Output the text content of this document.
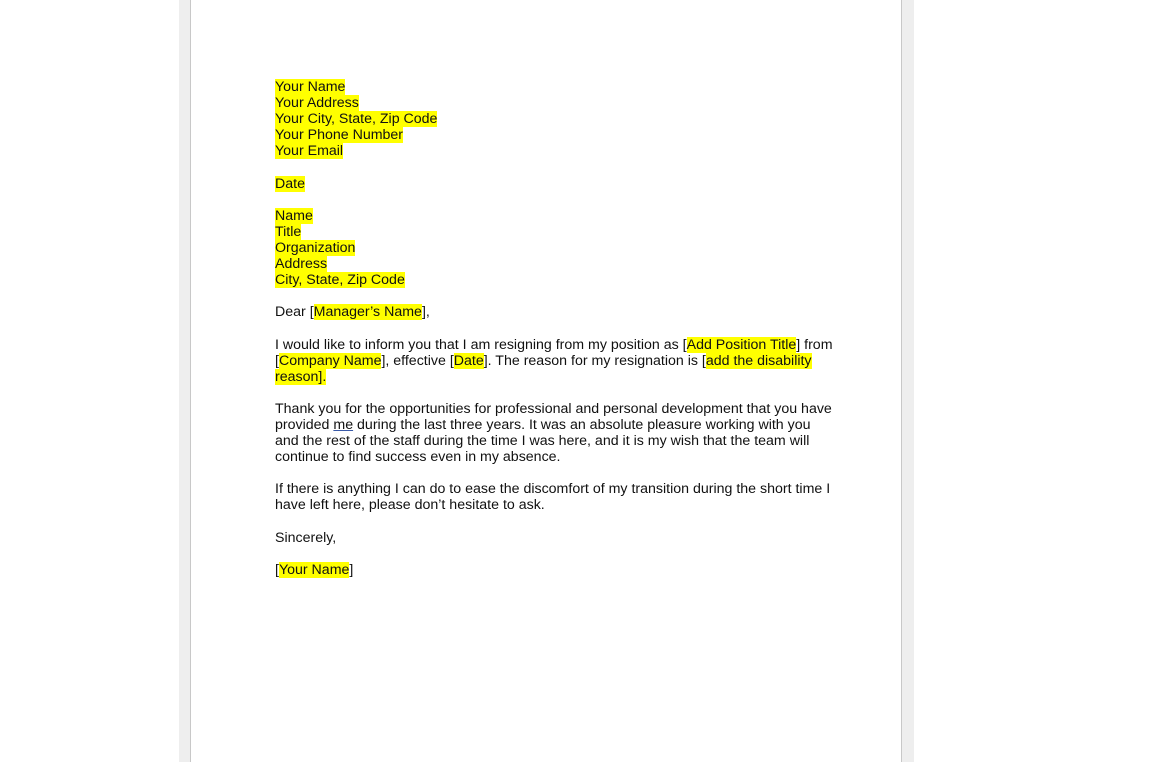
Your Name
Your Address
Your City, State, Zip Code
Your Phone Number
Your Email
Date
Name
Title
Organization
Address
City, State, Zip Code
Dear [Manager’s Name],
I would like to inform you that I am resigning from my position as [Add Position Title] from [Company Name], effective [Date]. The reason for my resignation is [add the disability reason].
Thank you for the opportunities for professional and personal development that you have provided me during the last three years. It was an absolute pleasure working with you and the rest of the staff during the time I was here, and it is my wish that the team will continue to find success even in my absence.
If there is anything I can do to ease the discomfort of my transition during the short time I have left here, please don’t hesitate to ask.
Sincerely,
[Your Name]
